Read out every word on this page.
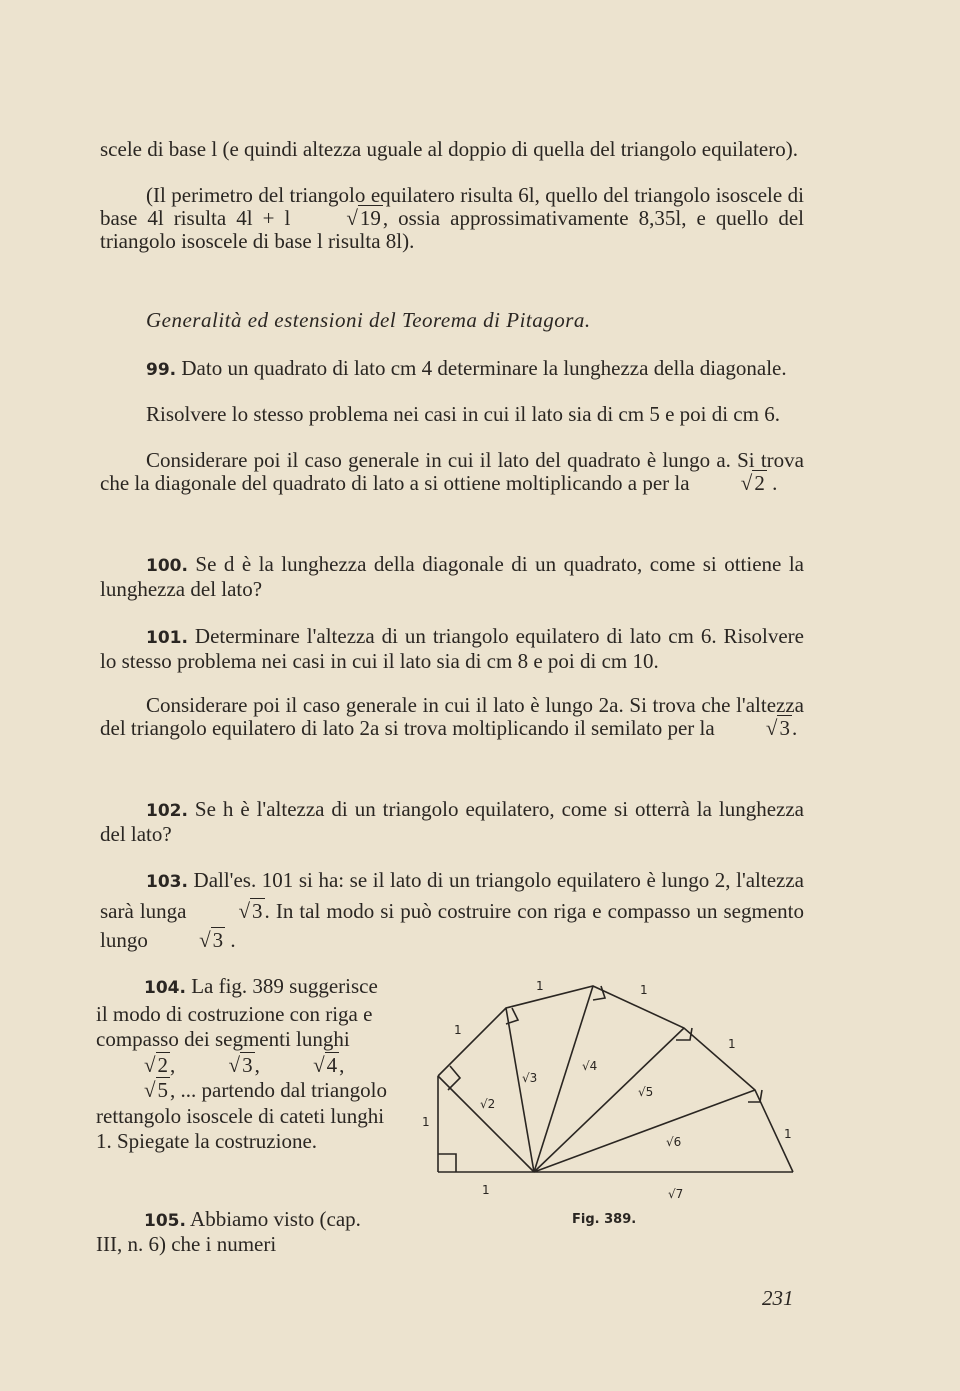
scele di base l (e quindi altezza uguale al doppio di quella del triangolo equilatero).
(Il perimetro del triangolo equilatero risulta 6l, quello del triangolo isoscele di base 4l risulta 4l + l √19, ossia approssimativamente 8,35l, e quello del triangolo isoscele di base l risulta 8l).
Generalità ed estensioni del Teorema di Pitagora.
99. Dato un quadrato di lato cm 4 determinare la lunghezza della diagonale.
Risolvere lo stesso problema nei casi in cui il lato sia di cm 5 e poi di cm 6.
Considerare poi il caso generale in cui il lato del quadrato è lungo a. Si trova che la diagonale del quadrato di lato a si ottiene moltiplicando a per la √2 .
100. Se d è la lunghezza della diagonale di un quadrato, come si ottiene la lunghezza del lato?
101. Determinare l'altezza di un triangolo equilatero di lato cm 6. Risolvere lo stesso problema nei casi in cui il lato sia di cm 8 e poi di cm 10.
Considerare poi il caso generale in cui il lato è lungo 2a. Si trova che l'altezza del triangolo equilatero di lato 2a si trova moltiplicando il semilato per la √3.
102. Se h è l'altezza di un triangolo equilatero, come si otterrà la lunghezza del lato?
103. Dall'es. 101 si ha: se il lato di un triangolo equilatero è lungo 2, l'altezza sarà lunga √3. In tal modo si può costruire con riga e compasso un segmento lungo √3 .
104. La fig. 389 suggerisce il modo di costruzione con riga e compasso dei segmenti lunghi √2, √3, √4, √5, ... partendo dal triangolo rettangolo isoscele di cateti lunghi 1. Spiegate la costruzione.
105. Abbiamo visto (cap. III, n. 6) che i numeri
1
1
1
1	1
1
1
√2
√3
√4
√5
√6
√7
Fig. 389.
231
